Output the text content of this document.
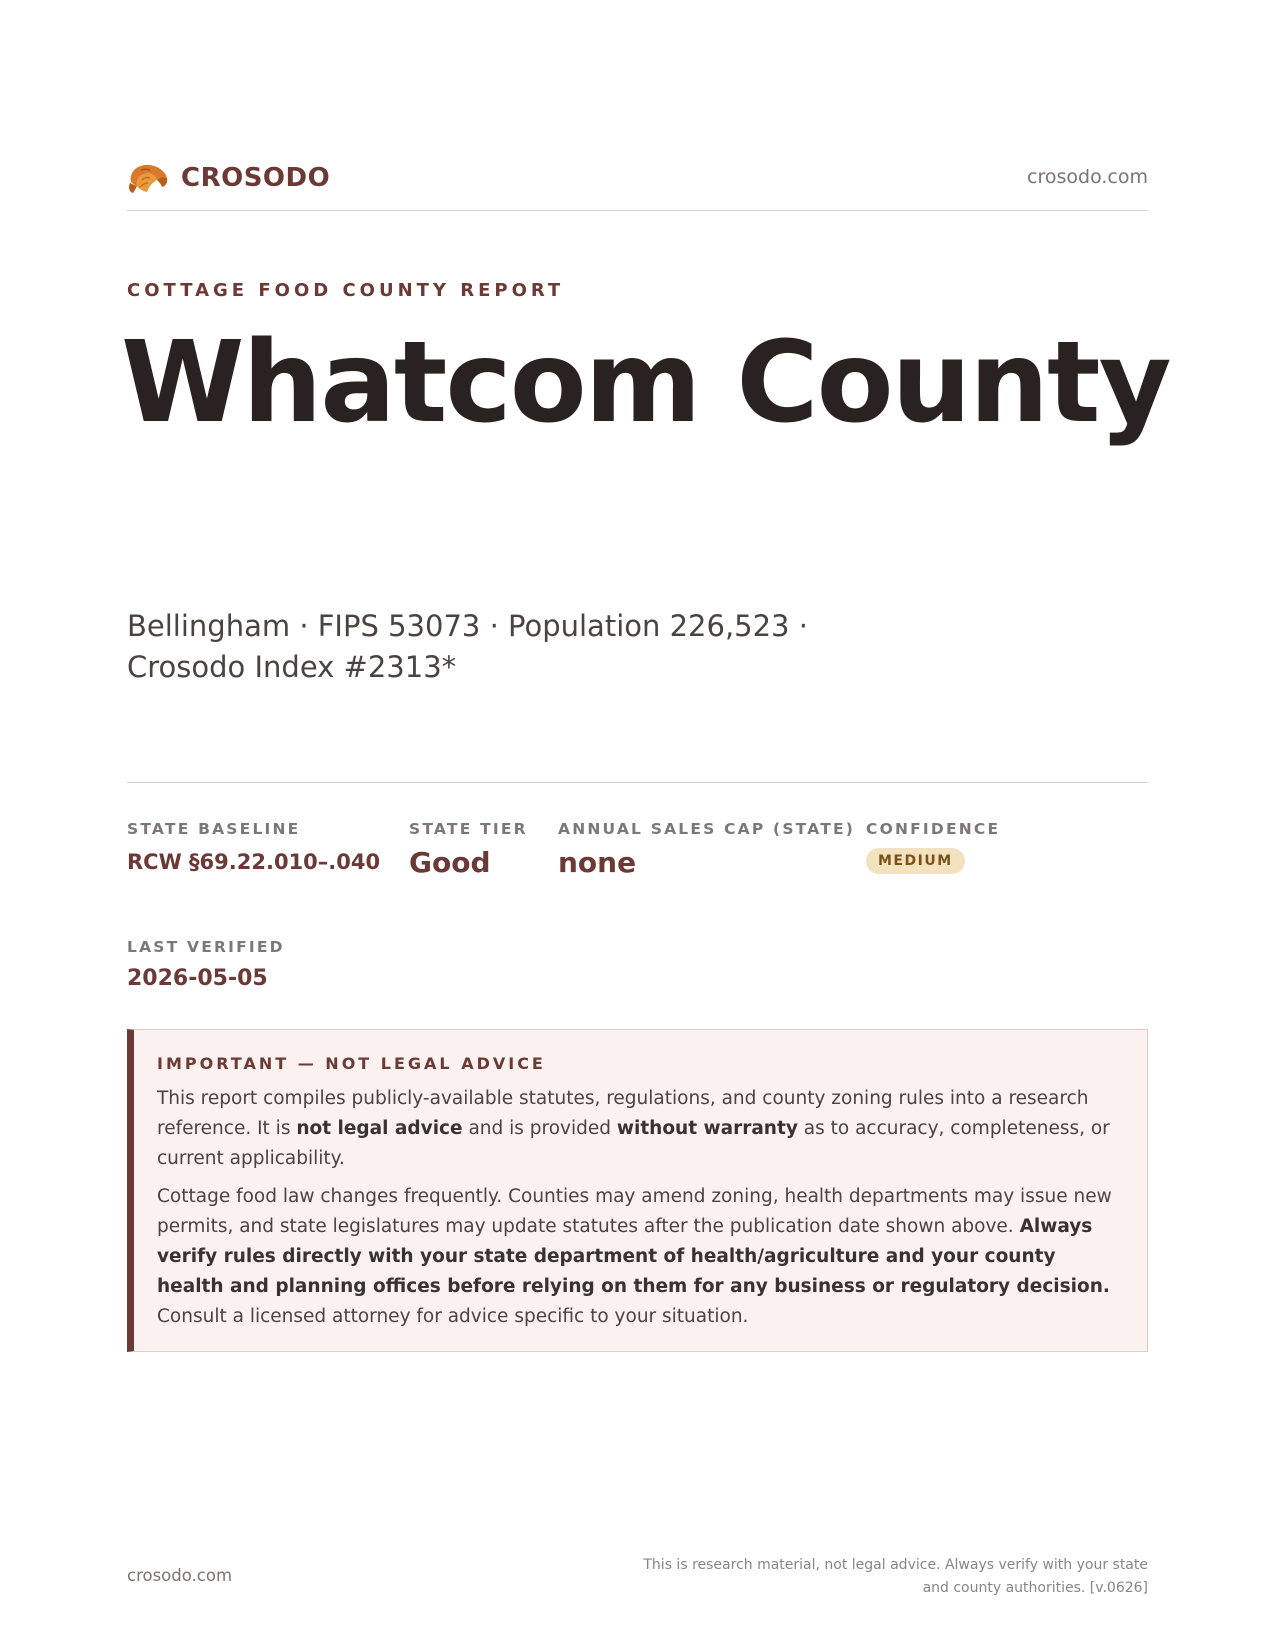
CROSODO	crosodo.com
COTTAGE FOOD COUNTY REPORT
Whatcom County
Bellingham · FIPS 53073 · Population 226,523 · Crosodo Index #2313*
STATE BASELINE
RCW §69.22.010–.040
STATE TIER
Good
ANNUAL SALES CAP (STATE)
none
CONFIDENCE
MEDIUM
LAST VERIFIED
2026-05-05
IMPORTANT — NOT LEGAL ADVICE

This report compiles publicly-available statutes, regulations, and county zoning rules into a research reference. It is not legal advice and is provided without warranty as to accuracy, completeness, or current applicability.

Cottage food law changes frequently. Counties may amend zoning, health departments may issue new permits, and state legislatures may update statutes after the publication date shown above. Always verify rules directly with your state department of health/agriculture and your county health and planning offices before relying on them for any business or regulatory decision. Consult a licensed attorney for advice specific to your situation.

crosodo.com
This is research material, not legal advice. Always verify with your state and county authorities. [v.0626]
